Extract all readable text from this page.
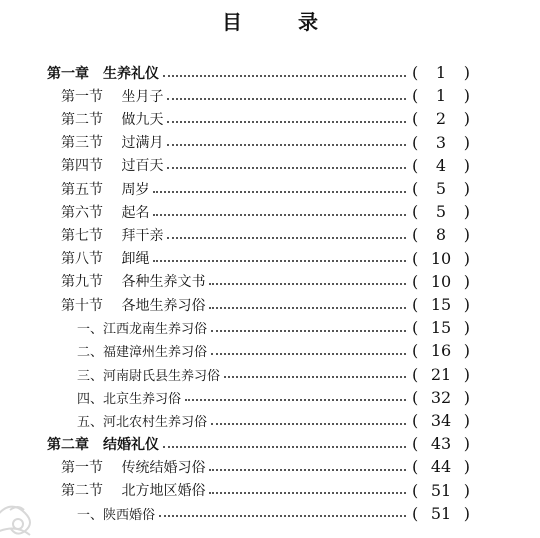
目　录
第一章　生养礼仪	( 1 )
第一节　 坐月子	( 1 )
第二节　 做九天	( 2 )
第三节　 过满月	( 3 )
第四节　 过百天	( 4 )
第五节　 周岁	( 5 )
第六节　 起名	( 5 )
第七节　 拜干亲	( 8 )
第八节　 卸绳	( 10 )
第九节　 各种生养文书	( 10 )
第十节　 各地生养习俗	( 15 )
一、江西龙南生养习俗	( 15 )
二、福建漳州生养习俗	( 16 )
三、河南尉氏县生养习俗	( 21 )
四、北京生养习俗	( 32 )
五、河北农村生养习俗	( 34 )
第二章　结婚礼仪	( 43 )
第一节　 传统结婚习俗	( 44 )
第二节　 北方地区婚俗	( 51 )
一、陕西婚俗	( 51 )
